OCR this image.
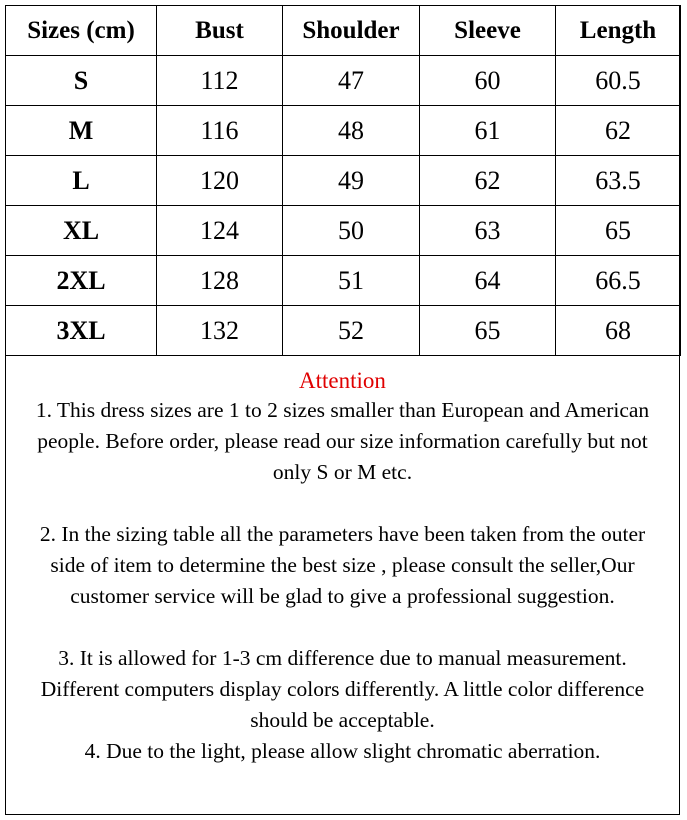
Sizes (cm)	Bust	Shoulder	Sleeve	Length
S	112	47	60	60.5
M	116	48	61	62
L	120	49	62	63.5
XL	124	50	63	65
2XL	128	51	64	66.5
3XL	132	52	65	68

Attention

1. This dress sizes are 1 to 2 sizes smaller than European and American people. Before order, please read our size information carefully but not only S or M etc.

2. In the sizing table all the parameters have been taken from the outer side of item to determine the best size , please consult the seller,Our customer service will be glad to give a professional suggestion.

3. It is allowed for 1-3 cm difference due to manual measurement. Different computers display colors differently. A little color difference should be acceptable.

4. Due to the light, please allow slight chromatic aberration.
